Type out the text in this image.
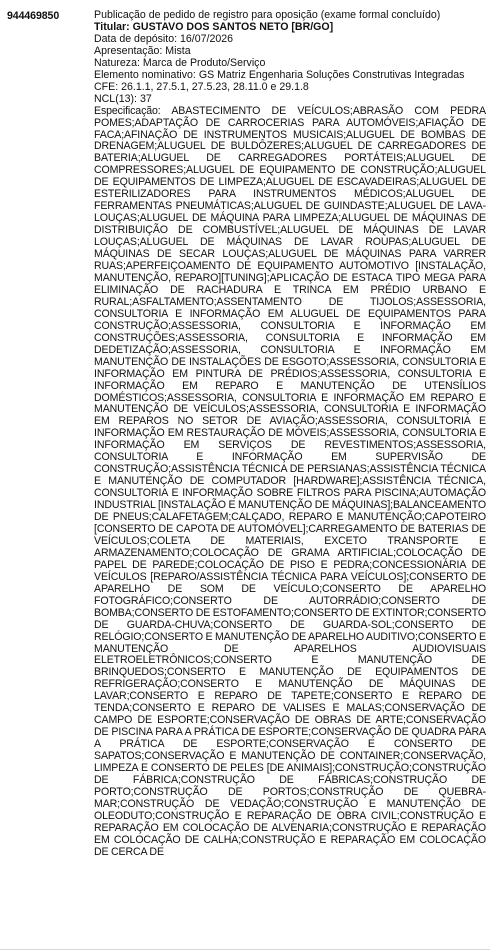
944469850	Publicação de pedido de registro para oposição (exame formal concluído)
Titular: GUSTAVO DOS SANTOS NETO [BR/GO]
Data de depósito: 16/07/2026
Apresentação: Mista
Natureza: Marca de Produto/Serviço
Elemento nominativo: GS Matriz Engenharia Soluções Construtivas Integradas
CFE: 26.1.1, 27.5.1, 27.5.23, 28.11.0 e 29.1.8
NCL(13): 37
Especificação: ABASTECIMENTO DE VEÍCULOS;ABRASÃO COM PEDRA POMES;ADAPTAÇÃO DE CARROCERIAS PARA AUTOMÓVEIS;AFIAÇÃO DE FACA;AFINAÇÃO DE INSTRUMENTOS MUSICAIS;ALUGUEL DE BOMBAS DE DRENAGEM;ALUGUEL DE BULDÔZERES;ALUGUEL DE CARREGADORES DE BATERIA;ALUGUEL DE CARREGADORES PORTÁTEIS;ALUGUEL DE COMPRESSORES;ALUGUEL DE EQUIPAMENTO DE CONSTRUÇÃO;ALUGUEL DE EQUIPAMENTOS DE LIMPEZA;ALUGUEL DE ESCAVADEIRAS;ALUGUEL DE ESTERILIZADORES PARA INSTRUMENTOS MÉDICOS;ALUGUEL DE FERRAMENTAS PNEUMÁTICAS;ALUGUEL DE GUINDASTE;ALUGUEL DE LAVA-LOUÇAS;ALUGUEL DE MÁQUINA PARA LIMPEZA;ALUGUEL DE MÁQUINAS DE DISTRIBUIÇÃO DE COMBUSTÍVEL;ALUGUEL DE MÁQUINAS DE LAVAR LOUÇAS;ALUGUEL DE MÁQUINAS DE LAVAR ROUPAS;ALUGUEL DE MÁQUINAS DE SECAR LOUÇAS;ALUGUEL DE MÁQUINAS PARA VARRER RUAS;APERFEIÇOAMENTO DE EQUIPAMENTO AUTOMOTIVO [INSTALAÇÃO, MANUTENÇÃO, REPARO][TUNING];APLICAÇÃO DE ESTACA TIPO MEGA PARA ELIMINAÇÃO DE RACHADURA E TRINCA EM PRÉDIO URBANO E RURAL;ASFALTAMENTO;ASSENTAMENTO DE TIJOLOS;ASSESSORIA, CONSULTORIA E INFORMAÇÃO EM ALUGUEL DE EQUIPAMENTOS PARA CONSTRUÇÃO;ASSESSORIA, CONSULTORIA E INFORMAÇÃO EM CONSTRUÇÕES;ASSESSORIA, CONSULTORIA E INFORMAÇÃO EM DEDETIZAÇÃO;ASSESSORIA, CONSULTORIA E INFORMAÇÃO EM MANUTENÇÃO DE INSTALAÇÕES DE ESGOTO;ASSESSORIA, CONSULTORIA E INFORMAÇÃO EM PINTURA DE PRÉDIOS;ASSESSORIA, CONSULTORIA E INFORMAÇÃO EM REPARO E MANUTENÇÃO DE UTENSÍLIOS DOMÉSTICOS;ASSESSORIA, CONSULTORIA E INFORMAÇÃO EM REPARO E MANUTENÇÃO DE VEÍCULOS;ASSESSORIA, CONSULTORIA E INFORMAÇÃO EM REPAROS NO SETOR DE AVIAÇÃO;ASSESSORIA, CONSULTORIA E INFORMAÇÃO EM RESTAURAÇÃO DE MÓVEIS;ASSESSORIA, CONSULTORIA E INFORMAÇÃO EM SERVIÇOS DE REVESTIMENTOS;ASSESSORIA, CONSULTORIA E INFORMAÇÃO EM SUPERVISÃO DE CONSTRUÇÃO;ASSISTÊNCIA TÉCNICA DE PERSIANAS;ASSISTÊNCIA TÉCNICA E MANUTENÇÃO DE COMPUTADOR [HARDWARE];ASSISTÊNCIA TÉCNICA, CONSULTORIA E INFORMAÇÃO SOBRE FILTROS PARA PISCINA;AUTOMAÇÃO INDUSTRIAL [INSTALAÇÃO E MANUTENÇÃO DE MÁQUINAS];BALANCEAMENTO DE PNEUS;CALAFETAGEM;CALÇADO, REPARO E MANUTENÇÃO;CAPOTEIRO [CONSERTO DE CAPOTA DE AUTOMÓVEL];CARREGAMENTO DE BATERIAS DE VEÍCULOS;COLETA DE MATERIAIS, EXCETO TRANSPORTE E ARMAZENAMENTO;COLOCAÇÃO DE GRAMA ARTIFICIAL;COLOCAÇÃO DE PAPEL DE PAREDE;COLOCAÇÃO DE PISO E PEDRA;CONCESSIONÁRIA DE VEÍCULOS [REPARO/ASSISTÊNCIA TÉCNICA PARA VEÍCULOS];CONSERTO DE APARELHO DE SOM DE VEÍCULO;CONSERTO DE APARELHO FOTOGRÁFICO;CONSERTO DE AUTORRÁDIO;CONSERTO DE BOMBA;CONSERTO DE ESTOFAMENTO;CONSERTO DE EXTINTOR;CONSERTO DE GUARDA-CHUVA;CONSERTO DE GUARDA-SOL;CONSERTO DE RELÓGIO;CONSERTO E MANUTENÇÃO DE APARELHO AUDITIVO;CONSERTO E MANUTENÇÃO DE APARELHOS AUDIOVISUAIS ELETROELETRÔNICOS;CONSERTO E MANUTENÇÃO DE BRINQUEDOS;CONSERTO E MANUTENÇÃO DE EQUIPAMENTOS DE REFRIGERAÇÃO;CONSERTO E MANUTENÇÃO DE MÁQUINAS DE LAVAR;CONSERTO E REPARO DE TAPETE;CONSERTO E REPARO DE TENDA;CONSERTO E REPARO DE VALISES E MALAS;CONSERVAÇÃO DE CAMPO DE ESPORTE;CONSERVAÇÃO DE OBRAS DE ARTE;CONSERVAÇÃO DE PISCINA PARA A PRÁTICA DE ESPORTE;CONSERVAÇÃO DE QUADRA PARA A PRÁTICA DE ESPORTE;CONSERVAÇÃO E CONSERTO DE SAPATOS;CONSERVAÇÃO E MANUTENÇÃO DE CONTAINER;CONSERVAÇÃO, LIMPEZA E CONSERTO DE PELES [DE ANIMAIS];CONSTRUÇÃO;CONSTRUÇÃO DE FÁBRICA;CONSTRUÇÃO DE FÁBRICAS;CONSTRUÇÃO DE PORTO;CONSTRUÇÃO DE PORTOS;CONSTRUÇÃO DE QUEBRA-MAR;CONSTRUÇÃO DE VEDAÇÃO;CONSTRUÇÃO E MANUTENÇÃO DE OLEODUTO;CONSTRUÇÃO E REPARAÇÃO DE OBRA CIVIL;CONSTRUÇÃO E REPARAÇÃO EM COLOCAÇÃO DE ALVENARIA;CONSTRUÇÃO E REPARAÇÃO EM COLOCAÇÃO DE CALHA;CONSTRUÇÃO E REPARAÇÃO EM COLOCAÇÃO DE CERCA DE
